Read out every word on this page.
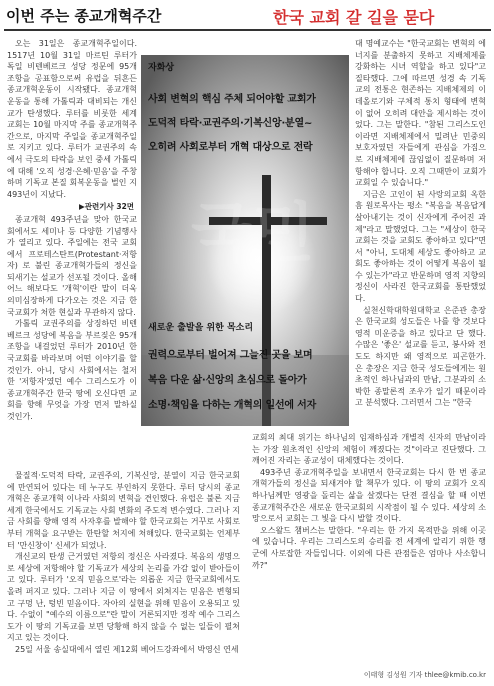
이번 주는 종교개혁주간	한국 교회 갈 길을 묻다

오는 31일은 종교개혁주일이다. 1517년 10월 31일 마르틴 루터가 독일 비텐베르크 성당 정문에 95개 조항을 공표함으로써 유럽을 뒤흔든 종교개혁운동이 시작됐다. 종교개혁운동을 통해 가톨릭과 대비되는 개신교가 탄생했다. 루터를 비롯한 세계 교회는 10월 마지막 주를 종교개혁주간으로, 마지막 주일을 종교개혁주일로 지키고 있다. 루터가 교권주의 속에서 극도의 타락을 보인 중세 가톨릭에 대해 '오직 성경·은혜·믿음'을 주창하며 기독교 본질 회복운동을 벌인 지 493년이 지났다.

▶관련기사 32면

종교개혁 493주년을 맞아 한국교회에서도 세미나 등 다양한 기념행사가 열리고 있다. 주일에는 전국 교회에서 프로테스탄트(Protestant·저항자) 로 불린 종교개혁가들의 정신을 되새기는 설교가 선포될 것이다. 올해 어느 해보다도 '개혁'이란 말이 더욱 의미심장하게 다가오는 것은 지금 한국교회가 처한 현실과 무관하지 않다.

가톨릭 교권주의를 상징하던 비텐베르크 성당에 복음을 부르짖은 95개 조항을 내걸었던 루터가 2010년 한국교회를 바라보며 어떤 이야기를 할 것인가. 아니, 당시 사회에서는 철저한 '저항자'였던 예수 그리스도가 이 종교개혁주간 한국 땅에 오신다면 교회를 향해 무엇을 가장 먼저 말하실 것인가.

국민
자화상
사회 변혁의 핵심 주체 되어야할 교회가
도덕적 타락·교권주의·기복신앙·분열~
오히려 사회로부터 개혁 대상으로 전락
새로운 출발을 위한 목소리
권력으로부터 벌어져 그늘진 곳을 보며
복음 다운 삶·신앙의 초심으로 돌아가
소명·책임을 다하는 개혁의 일선에 서자

대 명예교수는 "한국교회는 변혁의 에너지를 분출하지 못하고 지배체제를 강화하는 시녀 역할을 하고 있다"고 질타했다. 그에 따르면 성경 속 기독교의 전통은 현존하는 지배체제의 이데올로기와 구체적 통치 형태에 변혁이 없어 오히려 대안을 제시하는 것이었다. 그는 말한다. "참된 그리스도인이라면 지배체제에서 밀려난 민중의 보호자였던 자들에게 관심을 가짐으로 지배체제에 끊임없이 질문하며 저항해야 합니다. 오직 그때만이 교회가 교회일 수 있습니다."

지금은 고인이 된 사랑의교회 옥한흠 원로목사는 평소 "복음을 복음답게 살아내기는 것이 신자에게 주어진 과제"라고 말했었다. 그는 "세상이 한국 교회는 것을 교회도 좋아하고 있다"면서 "아니, 도대체 세상도 좋아하고 교회도 좋아하는 것이 어떻게 복음이 될 수 있는가"라고 반문하며 영적 지향의 정신이 사라진 한국교회를 통탄했었다.

실천신학대학원대학교 은준관 총장은 한국교회 성도들은 나를 향 것보다 영적 미운증을 하고 있다고 단 했다. 수많은 '좋은' 설교를 듣고, 봉사와 전도도 하지만 왜 영적으로 피곤한가. 은 총장은 지금 한국 성도들에게는 원초적인 하나님과의 만남, 그분과의 소박한 종말론적 조우가 일기 때문이라고 분석했다. 그러면서 그는 "한국

물질적·도덕적 타락, 교권주의, 기복신앙, 분열이 지금 한국교회에 만연되어 있다는 데 누구도 부인하지 못한다. 루터 당시의 종교개혁은 종교개혁 이나라 사회의 변혁을 견인했다. 유럽은 불론 지금 세계 한국에서도 기독교는 사회 변화의 주도적 변수였다. 그러나 지금 사회를 향해 영적 사자후를 발해야 할 한국교회는 거꾸로 사회로부터 개혁을 요구받는 한탄할 처지에 처해있다. 한국교회는 언제부터 '만신창이' 신세가 되었나.

개신교의 탄생 근거였던 저항의 정신은 사라졌다. 복음의 생명으로 세상에 저항해야 할 기독교가 세상의 논리를 가감 없이 받아들이고 있다. 루터가 '오직 믿음으로'라는 의롭운 지금 한국교회에서도 올려 퍼지고 있다. 그러나 지금 이 땅에서 외쳐지는 믿음은 변형되고 구멍 난, 텅빈 믿음이다. 자아의 실현을 위해 믿음이 오용되고 있다. 수없이 "예수의 이름으로"란 말이 거론되지만 정작 예수 그리스도가 이 땅의 기독교를 보면 당황해 하지 않을 수 없는 일들이 펼쳐지고 있는 것이다.

25일 서울 송실대에서 열린 제12회 베어드강좌에서 박영신 연세

교회의 최대 위기는 하나님의 임재하심과 개별적 신자의 만남이라는 가장 원초적인 신앙의 체험이 깨졌다는 것"이라고 진단했다. 그 깨어진 자리는 종교성이 대체했다는 것이다.

493주년 종교개혁주일을 보내면서 한국교회는 다시 한 번 종교개혁가들의 정신을 되새겨야 할 책무가 있다. 이 땅의 교회가 오직 하나님께만 영광을 돌리는 삶을 살겠다는 단전 결심을 할 때 이번 종교개혁주간은 새로운 한국교회의 시작점이 될 수 있다. 세상의 소망으로서 교회는 그 빛을 다시 발할 것이다.

오스왈드 챔버스는 말한다. "우리는 한 가지 목적만을 위해 이곳에 있습니다. 우리는 그리스도의 승리를 전 세계에 알리기 위한 행군에 사로잡한 자들입니다. 이외에 다른 관점들은 엄마나 사소합니까?"

이태형 김성원 기자 thlee@kmib.co.kr
